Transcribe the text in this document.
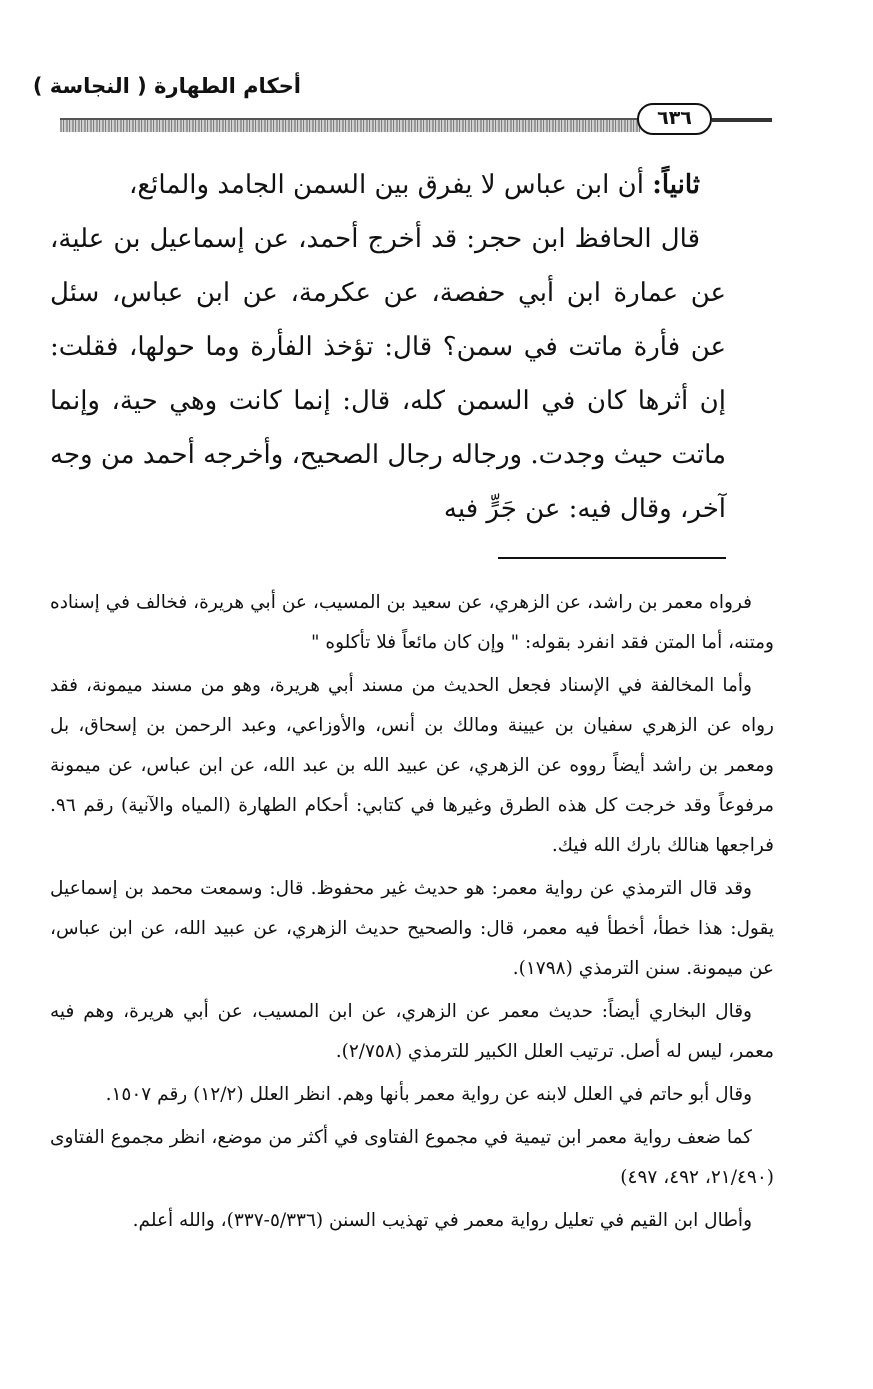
أحكام الطهارة ( النجاسة )
٦٣٦

ثانياً: أن ابن عباس لا يفرق بين السمن الجامد والمائع،

قال الحافظ ابن حجر: قد أخرج أحمد، عن إسماعيل بن علية، عن عمارة ابن أبي حفصة، عن عكرمة، عن ابن عباس، سئل عن فأرة ماتت في سمن؟ قال: تؤخذ الفأرة وما حولها، فقلت: إن أثرها كان في السمن كله، قال: إنما كانت وهي حية، وإنما ماتت حيث وجدت. ورجاله رجال الصحيح، وأخرجه أحمد من وجه آخر، وقال فيه: عن جَرٍّ فيه

فرواه معمر بن راشد، عن الزهري، عن سعيد بن المسيب، عن أبي هريرة، فخالف في إسناده ومتنه، أما المتن فقد انفرد بقوله: " وإن كان مائعاً فلا تأكلوه "

وأما المخالفة في الإسناد فجعل الحديث من مسند أبي هريرة، وهو من مسند ميمونة، فقد رواه عن الزهري سفيان بن عيينة ومالك بن أنس، والأوزاعي، وعبد الرحمن بن إسحاق، بل ومعمر بن راشد أيضاً رووه عن الزهري، عن عبيد الله بن عبد الله، عن ابن عباس، عن ميمونة مرفوعاً وقد خرجت كل هذه الطرق وغيرها في كتابي: أحكام الطهارة (المياه والآنية) رقم ٩٦. فراجعها هنالك بارك الله فيك.

وقد قال الترمذي عن رواية معمر: هو حديث غير محفوظ. قال: وسمعت محمد بن إسماعيل يقول: هذا خطأ، أخطأ فيه معمر، قال: والصحيح حديث الزهري، عن عبيد الله، عن ابن عباس، عن ميمونة. سنن الترمذي (١٧٩٨).

وقال البخاري أيضاً: حديث معمر عن الزهري، عن ابن المسيب، عن أبي هريرة، وهم فيه معمر، ليس له أصل. ترتيب العلل الكبير للترمذي (٢/٧٥٨).

وقال أبو حاتم في العلل لابنه عن رواية معمر بأنها وهم. انظر العلل (١٢/٢) رقم ١٥٠٧.

كما ضعف رواية معمر ابن تيمية في مجموع الفتاوى في أكثر من موضع، انظر مجموع الفتاوى (٢١/٤٩٠، ٤٩٢، ٤٩٧)

وأطال ابن القيم في تعليل رواية معمر في تهذيب السنن (٥/٣٣٦-٣٣٧)، والله أعلم.
